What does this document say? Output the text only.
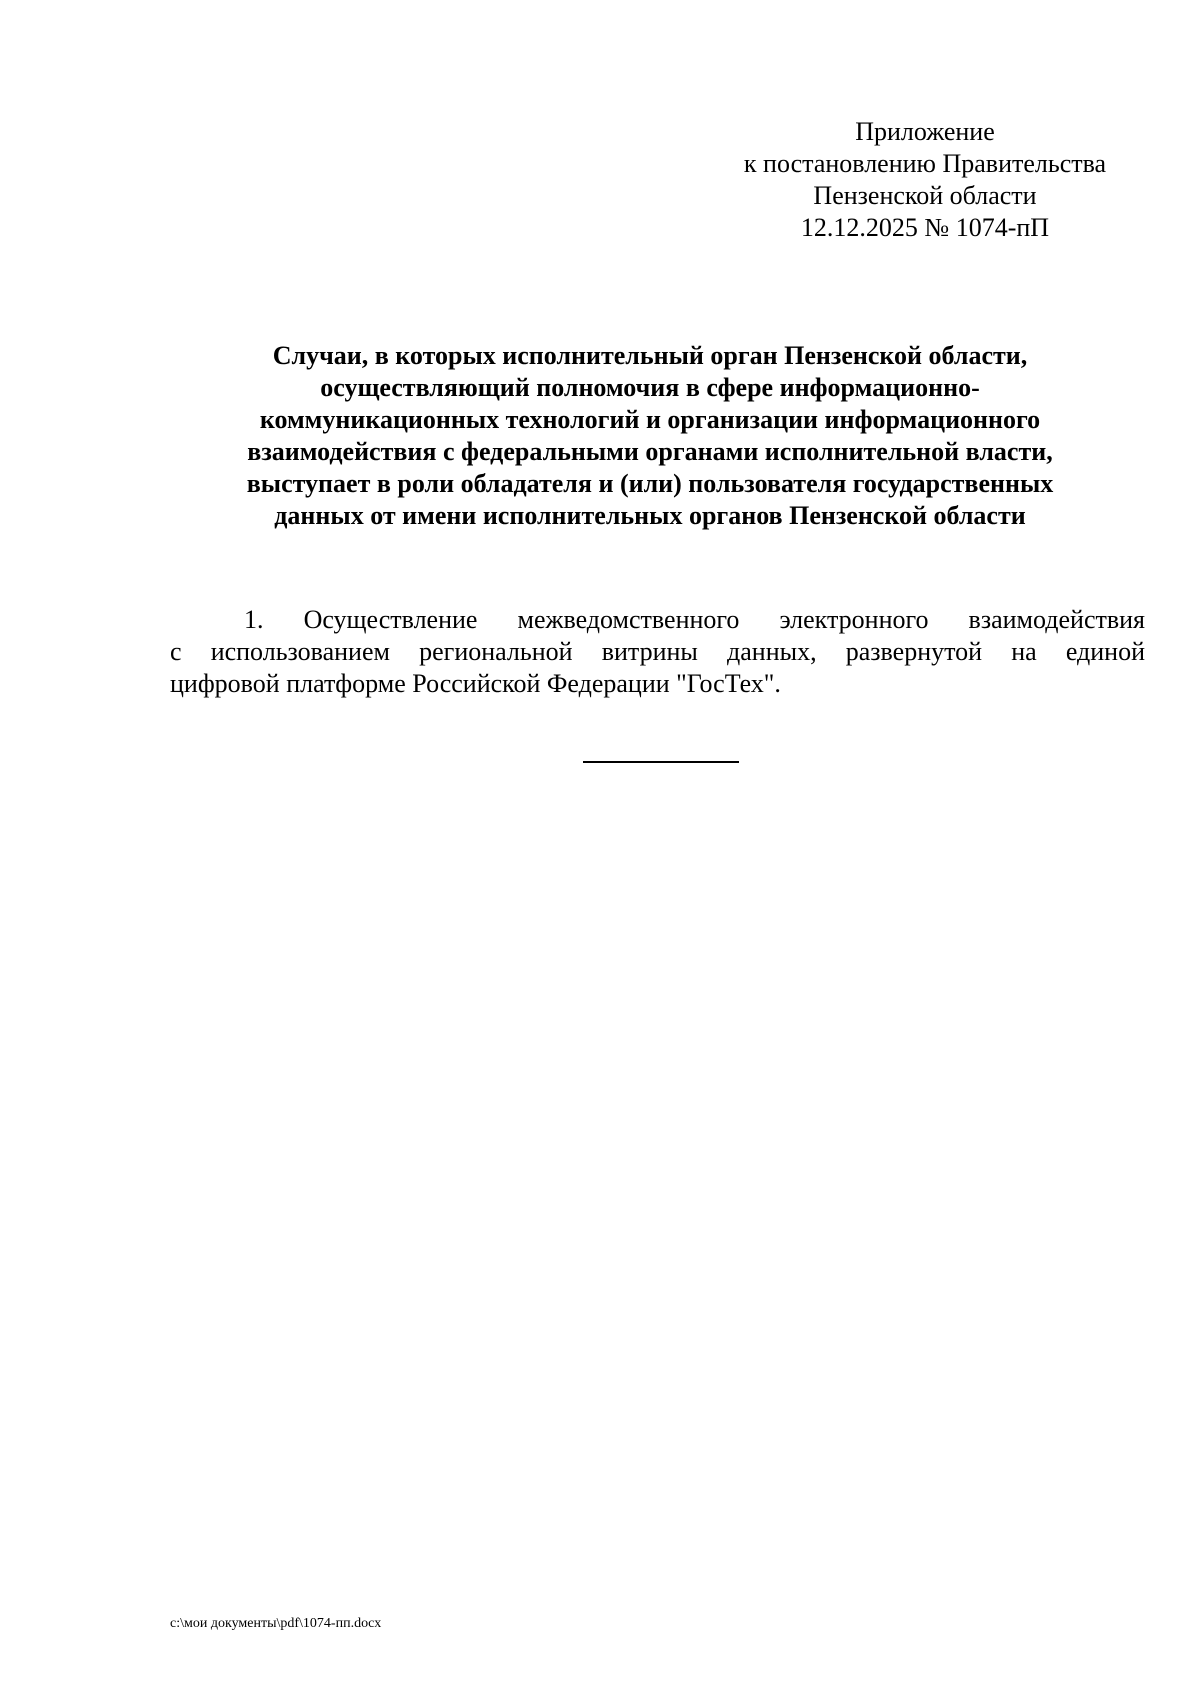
Приложение
к постановлению Правительства
Пензенской области
12.12.2025 № 1074-пП
Случаи, в которых исполнительный орган Пензенской области,
осуществляющий полномочия в сфере информационно-
коммуникационных технологий и организации информационного
взаимодействия с федеральными органами исполнительной власти,
выступает в роли обладателя и (или) пользователя государственных
данных от имени исполнительных органов Пензенской области
1. Осуществление межведомственного электронного взаимодействия
с использованием региональной витрины данных, развернутой на единой
цифровой платформе Российской Федерации "ГосТех".
c:\мои документы\pdf\1074-пп.docx
